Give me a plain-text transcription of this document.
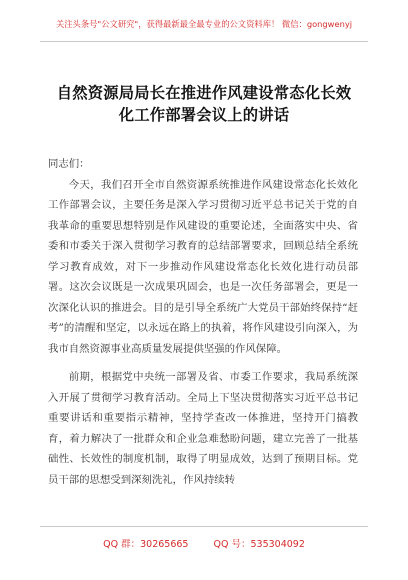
关注头条号"公文研究"，获得最新最全最专业的公文资料库！ 微信：gongwenyj
自然资源局局长在推进作风建设常态化长效
化工作部署会议上的讲话

同志们：

今天，我们召开全市自然资源系统推进作风建设常态化长效化工作部署会议，主要任务是深入学习贯彻习近平总书记关于党的自我革命的重要思想特别是作风建设的重要论述，全面落实中央、省委和市委关于深入贯彻学习教育的总结部署要求，回顾总结全系统学习教育成效，对下一步推动作风建设常态化长效化进行动员部署。这次会议既是一次成果巩固会，也是一次任务部署会，更是一次深化认识的推进会。目的是引导全系统广大党员干部始终保持“赶考”的清醒和坚定，以永远在路上的执着，将作风建设引向深入，为我市自然资源事业高质量发展提供坚强的作风保障。

前期，根据党中央统一部署及省、市委工作要求，我局系统深入开展了贯彻学习教育活动。全局上下坚决贯彻落实习近平总书记重要讲话和重要指示精神，坚持学查改一体推进，坚持开门搞教育，着力解决了一批群众和企业急难愁盼问题，建立完善了一批基础性、长效性的制度机制，取得了明显成效，达到了预期目标。党员干部的思想受到深刻洗礼，作风持续转

QQ 群：30265665	QQ 号：535304092
